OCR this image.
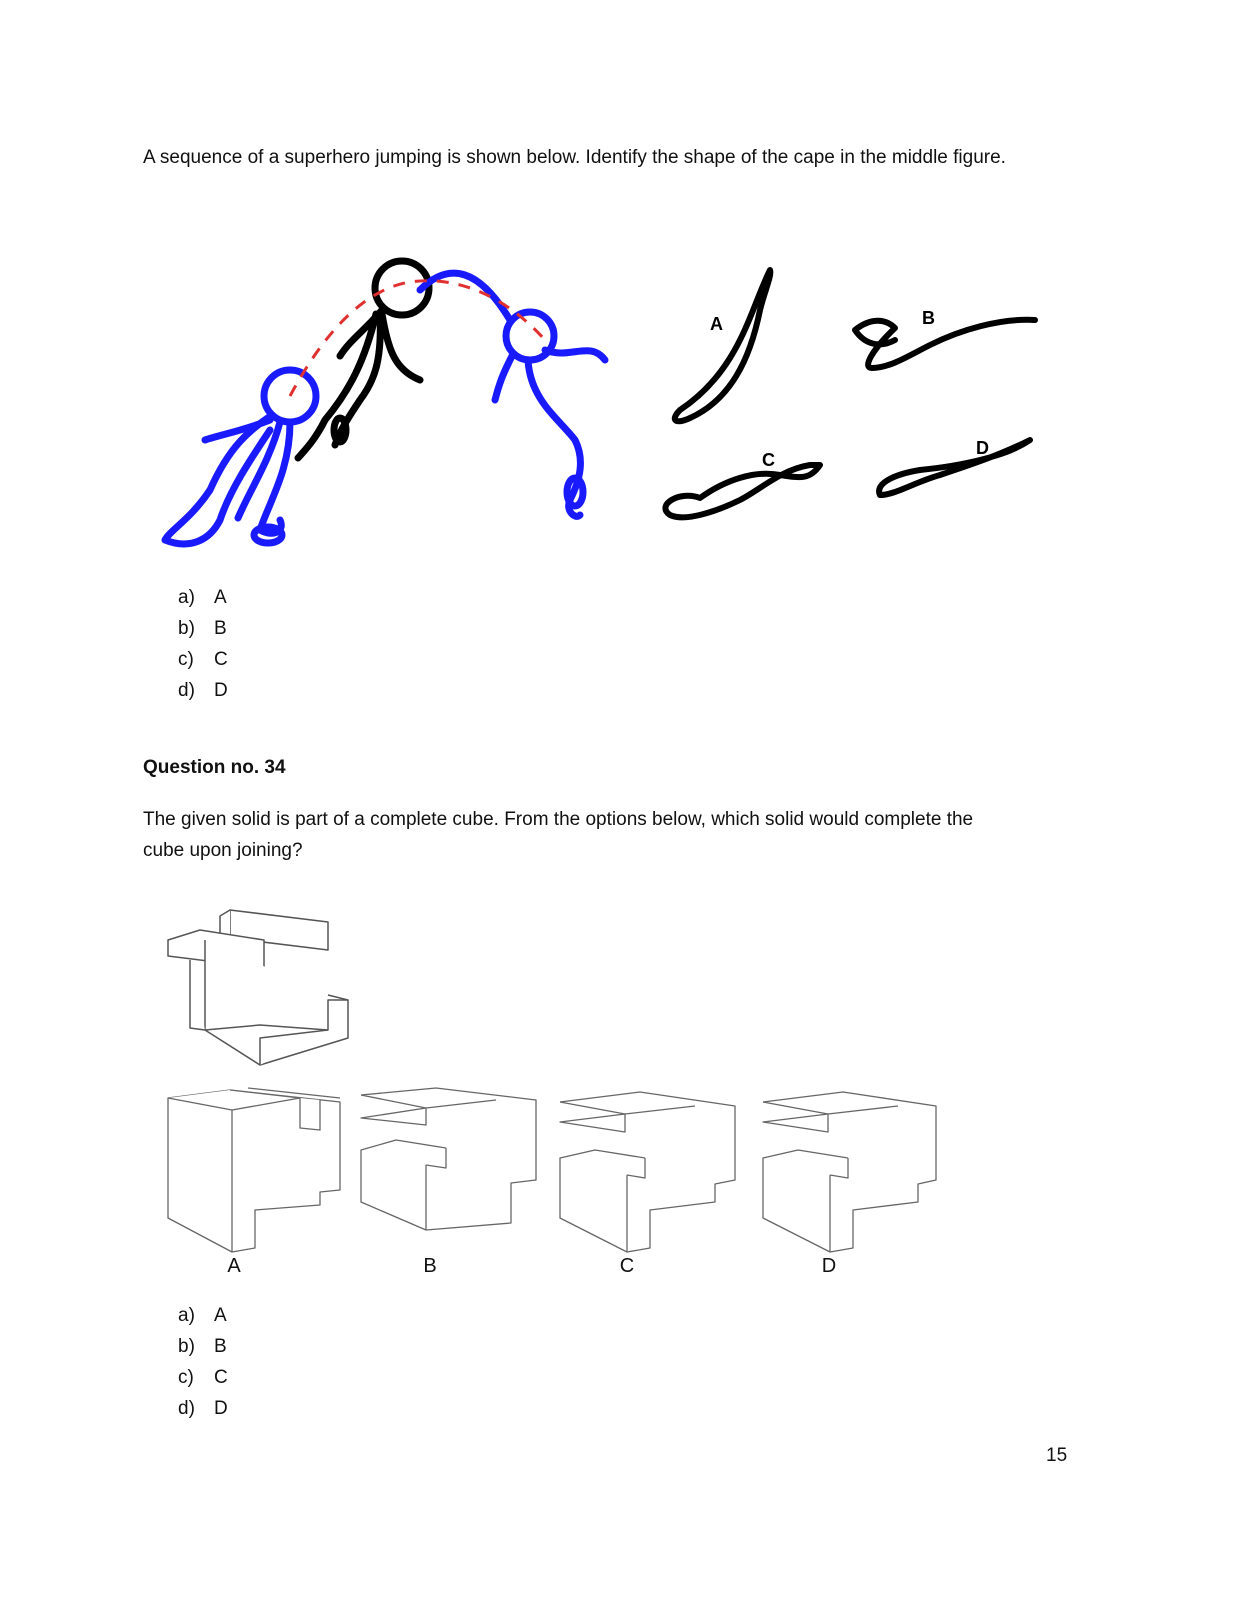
A sequence of a superhero jumping is shown below. Identify the shape of the cape in the middle figure.
A	B
C
D
a)	A
b)	B
c)	C
d)	D
Question no. 34
The given solid is part of a complete cube. From the options below, which solid would complete the
cube upon joining?
A	B	C	D
a)	A
b)	B
c)	C
d)	D
15
